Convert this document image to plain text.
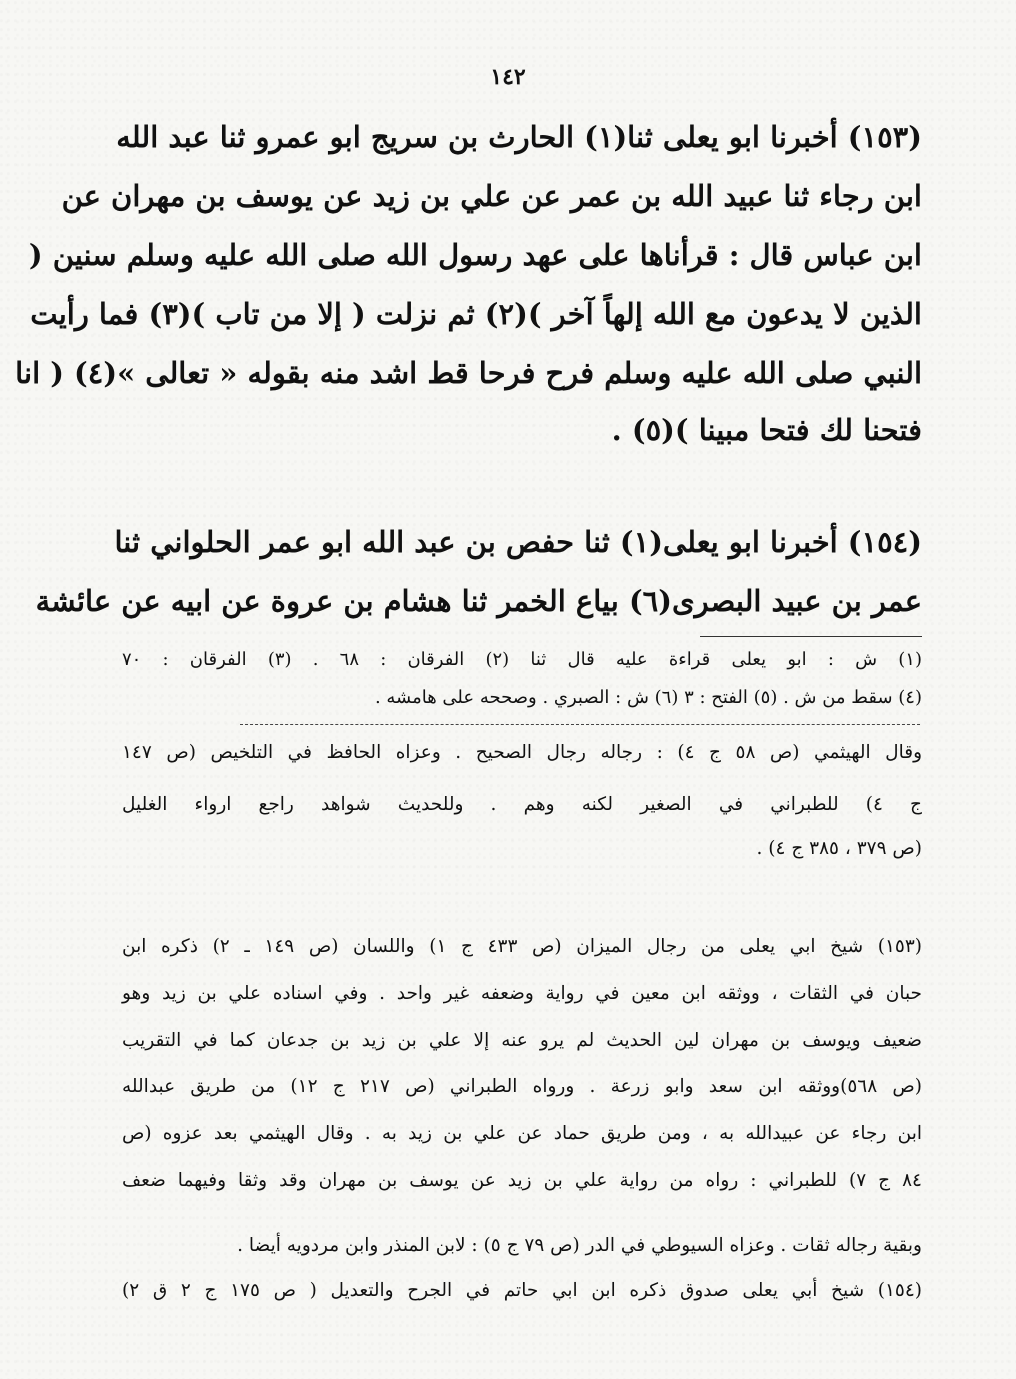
١٤٢
(١٥٣) أخبرنا ابو يعلى ثنا(١) الحارث بن سريج ابو عمرو ثنا عبد الله
ابن رجاء ثنا عبيد الله بن عمر عن علي بن زيد عن يوسف بن مهران عن
ابن عباس قال : قرأناها على عهد رسول الله صلى الله عليه وسلم سنين (
الذين لا يدعون مع الله إلهاً آخر )(٢) ثم نزلت ( إلا من تاب )(٣) فما رأيت
النبي صلى الله عليه وسلم فرح فرحا قط اشد منه بقوله « تعالى »(٤) ( انا
فتحنا لك فتحا مبينا )(٥) .
(١٥٤) أخبرنا ابو يعلى(١) ثنا حفص بن عبد الله ابو عمر الحلواني ثنا
عمر بن عبيد البصرى(٦) بياع الخمر ثنا هشام بن عروة عن ابيه عن عائشة
(١) ش : ابو يعلى قراءة عليه قال ثنا (٢) الفرقان : ٦٨ . (٣) الفرقان : ٧٠
(٤) سقط من ش . (٥) الفتح : ٣ (٦) ش : الصبري . وصححه على هامشه .
وقال الهيثمي (ص ٥٨ ج ٤) : رجاله رجال الصحيح . وعزاه الحافظ في التلخيص (ص ١٤٧
ج ٤) للطبراني في الصغير لكنه وهم . وللحديث شواهد راجع ارواء الغليل
(ص ٣٧٩ ، ٣٨٥ ج ٤) .
(١٥٣) شيخ ابي يعلى من رجال الميزان (ص ٤٣٣ ج ١) واللسان (ص ١٤٩ ـ ٢) ذكره ابن
حبان في الثقات ، ووثقه ابن معين في رواية وضعفه غير واحد . وفي اسناده علي بن زيد وهو
ضعيف ويوسف بن مهران لين الحديث لم يرو عنه إلا علي بن زيد بن جدعان كما في التقريب
(ص ٥٦٨)ووثقه ابن سعد وابو زرعة . ورواه الطبراني (ص ٢١٧ ج ١٢) من طريق عبدالله
ابن رجاء عن عبيدالله به ، ومن طريق حماد عن علي بن زيد به . وقال الهيثمي بعد عزوه (ص
٨٤ ج ٧) للطبراني : رواه من رواية علي بن زيد عن يوسف بن مهران وقد وثقا وفيهما ضعف
وبقية رجاله ثقات . وعزاه السيوطي في الدر (ص ٧٩ ج ٥) : لابن المنذر وابن مردويه أيضا .
(١٥٤) شيخ أبي يعلى صدوق ذكره ابن ابي حاتم في الجرح والتعديل ( ص ١٧٥ ج ٢ ق ٢)
